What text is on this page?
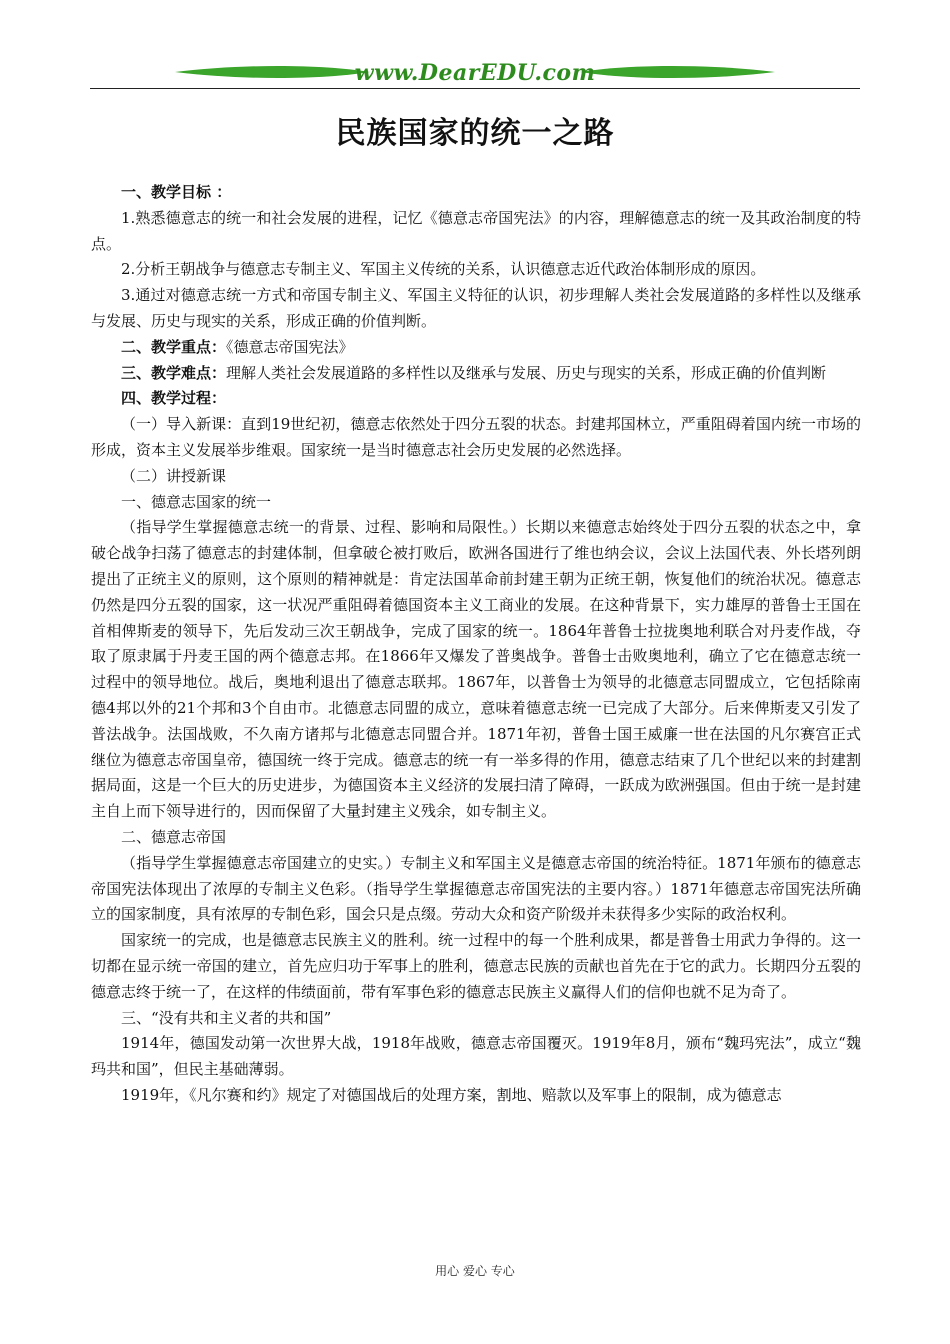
www.DearEDU.com
民族国家的统一之路

一、教学目标 ：

1.熟悉德意志的统一和社会发展的进程，记忆《德意志帝国宪法》的内容，理解德意志的统一及其政治制度的特点。

2.分析王朝战争与德意志专制主义、军国主义传统的关系，认识德意志近代政治体制形成的原因。

3.通过对德意志统一方式和帝国专制主义、军国主义特征的认识，初步理解人类社会发展道路的多样性以及继承与发展、历史与现实的关系，形成正确的价值判断。

二、教学重点：《德意志帝国宪法》

三、教学难点：理解人类社会发展道路的多样性以及继承与发展、历史与现实的关系，形成正确的价值判断

四、教学过程：

（一）导入新课：直到19世纪初，德意志依然处于四分五裂的状态。封建邦国林立，严重阻碍着国内统一市场的形成，资本主义发展举步维艰。国家统一是当时德意志社会历史发展的必然选择。

（二）讲授新课

一、德意志国家的统一

（指导学生掌握德意志统一的背景、过程、影响和局限性。）长期以来德意志始终处于四分五裂的状态之中，拿破仑战争扫荡了德意志的封建体制，但拿破仑被打败后，欧洲各国进行了维也纳会议，会议上法国代表、外长塔列朗提出了正统主义的原则，这个原则的精神就是：肯定法国革命前封建王朝为正统王朝，恢复他们的统治状况。德意志仍然是四分五裂的国家，这一状况严重阻碍着德国资本主义工商业的发展。在这种背景下，实力雄厚的普鲁士王国在首相俾斯麦的领导下，先后发动三次王朝战争，完成了国家的统一。1864年普鲁士拉拢奥地利联合对丹麦作战，夺取了原隶属于丹麦王国的两个德意志邦。在1866年又爆发了普奥战争。普鲁士击败奥地利，确立了它在德意志统一过程中的领导地位。战后，奥地利退出了德意志联邦。1867年，以普鲁士为领导的北德意志同盟成立，它包括除南德4邦以外的21个邦和3个自由市。北德意志同盟的成立，意味着德意志统一已完成了大部分。后来俾斯麦又引发了普法战争。法国战败，不久南方诸邦与北德意志同盟合并。1871年初，普鲁士国王威廉一世在法国的凡尔赛宫正式继位为德意志帝国皇帝，德国统一终于完成。德意志的统一有一举多得的作用，德意志结束了几个世纪以来的封建割据局面，这是一个巨大的历史进步，为德国资本主义经济的发展扫清了障碍，一跃成为欧洲强国。但由于统一是封建主自上而下领导进行的，因而保留了大量封建主义残余，如专制主义。

二、德意志帝国

（指导学生掌握德意志帝国建立的史实。）专制主义和军国主义是德意志帝国的统治特征。1871年颁布的德意志帝国宪法体现出了浓厚的专制主义色彩。（指导学生掌握德意志帝国宪法的主要内容。）1871年德意志帝国宪法所确立的国家制度，具有浓厚的专制色彩，国会只是点缀。劳动大众和资产阶级并未获得多少实际的政治权利。

国家统一的完成，也是德意志民族主义的胜利。统一过程中的每一个胜利成果，都是普鲁士用武力争得的。这一切都在显示统一帝国的建立，首先应归功于军事上的胜利，德意志民族的贡献也首先在于它的武力。长期四分五裂的德意志终于统一了，在这样的伟绩面前，带有军事色彩的德意志民族主义赢得人们的信仰也就不足为奇了。

三、“没有共和主义者的共和国”

1914年，德国发动第一次世界大战，1918年战败，德意志帝国覆灭。1919年8月，颁布“魏玛宪法”，成立“魏玛共和国”，但民主基础薄弱。

1919年，《凡尔赛和约》规定了对德国战后的处理方案，割地、赔款以及军事上的限制，成为德意志

用心 爱心 专心
